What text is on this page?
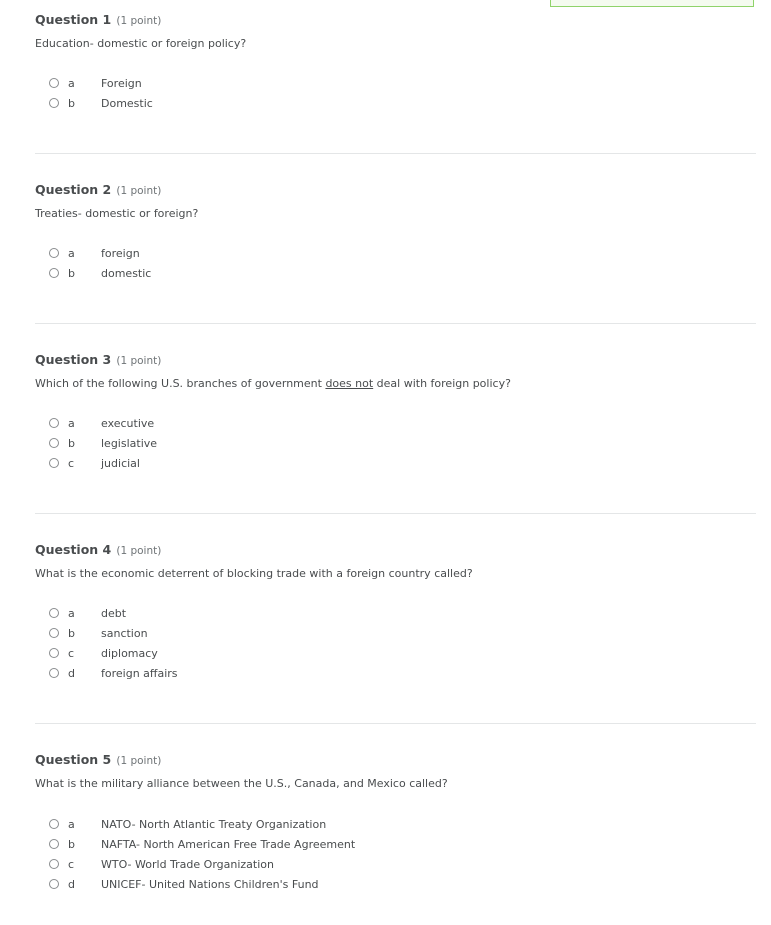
Question 1 (1 point)
Education- domestic or foreign policy?
a	Foreign
b	Domestic
Question 2 (1 point)
Treaties- domestic or foreign?
a	foreign
b	domestic
Question 3 (1 point)
Which of the following U.S. branches of government does not deal with foreign policy?
a	executive
b	legislative
c	judicial
Question 4 (1 point)
What is the economic deterrent of blocking trade with a foreign country called?
a	debt
b	sanction
c	diplomacy
d	foreign affairs
Question 5 (1 point)
What is the military alliance between the U.S., Canada, and Mexico called?
a	NATO- North Atlantic Treaty Organization
b	NAFTA- North American Free Trade Agreement
c	WTO- World Trade Organization
d	UNICEF- United Nations Children's Fund
